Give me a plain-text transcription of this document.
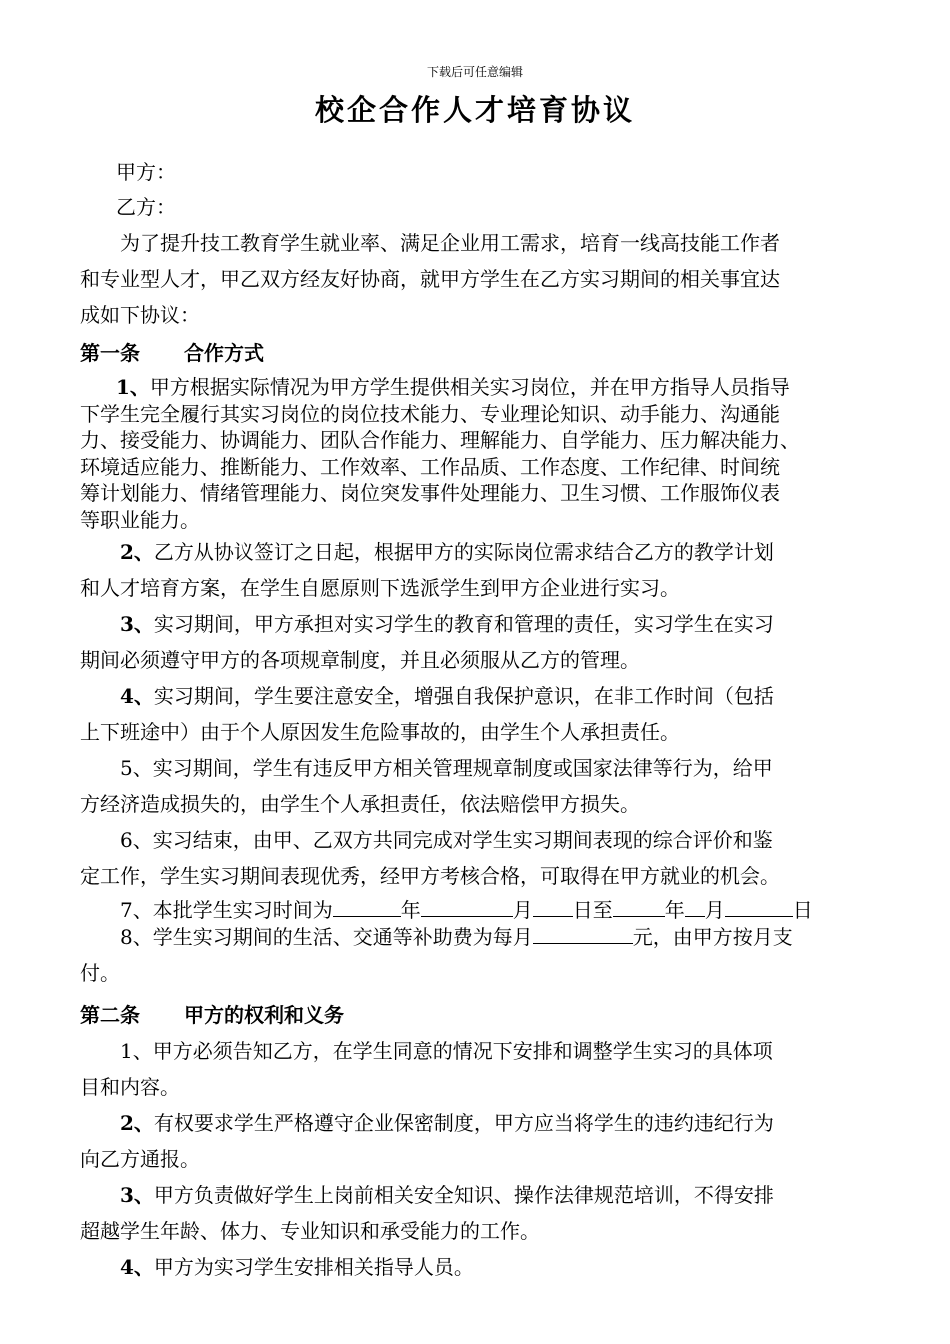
下载后可任意编辑
校企合作人才培育协议
甲方：
乙方：
为了提升技工教育学生就业率、满足企业用工需求，培育一线高技能工作者
和专业型人才，甲乙双方经友好协商，就甲方学生在乙方实习期间的相关事宜达
成如下协议：
第一条 合作方式
1、甲方根据实际情况为甲方学生提供相关实习岗位，并在甲方指导人员指导
下学生完全履行其实习岗位的岗位技术能力、专业理论知识、动手能力、沟通能
力、接受能力、协调能力、团队合作能力、理解能力、自学能力、压力解决能力、
环境适应能力、推断能力、工作效率、工作品质、工作态度、工作纪律、时间统
筹计划能力、情绪管理能力、岗位突发事件处理能力、卫生习惯、工作服饰仪表
等职业能力。
2、乙方从协议签订之日起，根据甲方的实际岗位需求结合乙方的教学计划
和人才培育方案，在学生自愿原则下选派学生到甲方企业进行实习。
3、实习期间，甲方承担对实习学生的教育和管理的责任，实习学生在实习
期间必须遵守甲方的各项规章制度，并且必须服从乙方的管理。
4、实习期间，学生要注意安全，增强自我保护意识，在非工作时间（包括
上下班途中）由于个人原因发生危险事故的，由学生个人承担责任。
5、实习期间，学生有违反甲方相关管理规章制度或国家法律等行为，给甲
方经济造成损失的，由学生个人承担责任，依法赔偿甲方损失。
6、实习结束，由甲、乙双方共同完成对学生实习期间表现的综合评价和鉴
定工作，学生实习期间表现优秀，经甲方考核合格，可取得在甲方就业的机会。
7、本批学生实习时间为	年	月 日至	年 月	日
8、学生实习期间的生活、交通等补助费为每月	元，由甲方按月支
付。
第二条 甲方的权利和义务
1、甲方必须告知乙方，在学生同意的情况下安排和调整学生实习的具体项
目和内容。
2、有权要求学生严格遵守企业保密制度，甲方应当将学生的违约违纪行为
向乙方通报。
3、甲方负责做好学生上岗前相关安全知识、操作法律规范培训，不得安排
超越学生年龄、体力、专业知识和承受能力的工作。
4、甲方为实习学生安排相关指导人员。
